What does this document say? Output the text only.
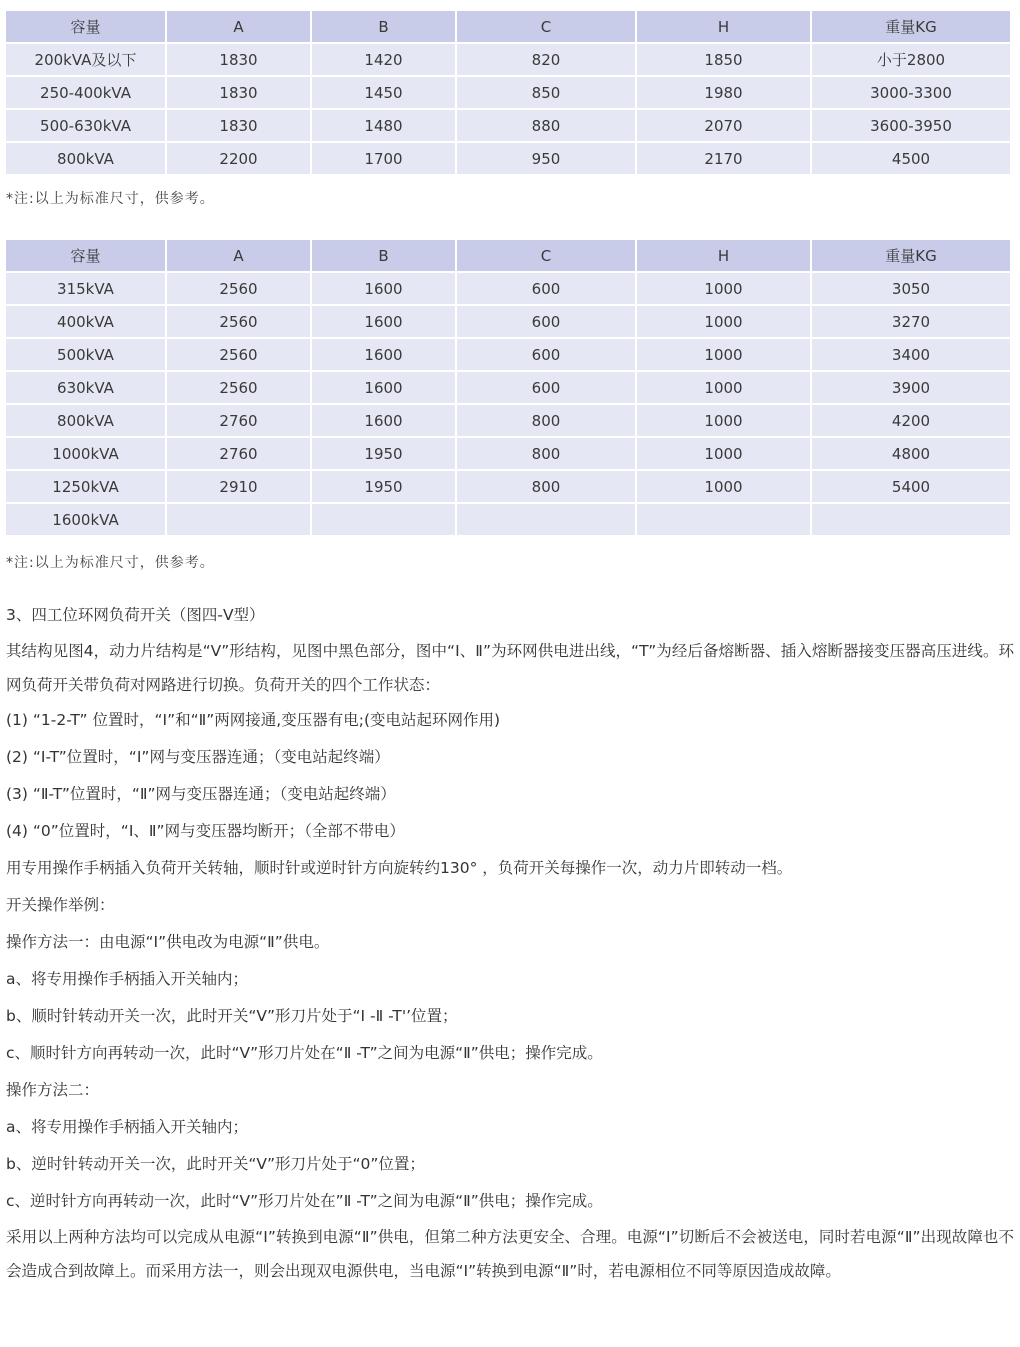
容量	A	B	C	H	重量KG
200kVA及以下	1830	1420	820	1850	小于2800
250-400kVA	1830	1450	850	1980	3000-3300
500-630kVA	1830	1480	880	2070	3600-3950
800kVA	2200	1700	950	2170	4500
*注:以上为标准尺寸，供参考。
容量	A	B	C	H	重量KG
315kVA	2560	1600	600	1000	3050
400kVA	2560	1600	600	1000	3270
500kVA	2560	1600	600	1000	3400
630kVA	2560	1600	600	1000	3900
800kVA	2760	1600	800	1000	4200
1000kVA	2760	1950	800	1000	4800
1250kVA	2910	1950	800	1000	5400
1600kVA					
*注:以上为标准尺寸，供参考。
3、四工位环网负荷开关（图四-V型）
其结构见图4，动力片结构是“V”形结构，见图中黑色部分，图中“Ⅰ、Ⅱ”为环网供电进出线，“T”为经后备熔断器、插入熔断器接变压器高压进线。环网负荷开关带负荷对网路进行切换。负荷开关的四个工作状态：
(1) “1-2-T” 位置时，“Ⅰ”和“Ⅱ”两网接通,变压器有电;(变电站起环网作用)
(2) “Ⅰ-T”位置时，“Ⅰ”网与变压器连通；（变电站起终端）
(3) “Ⅱ-T”位置时，“Ⅱ”网与变压器连通；（变电站起终端）
(4) “0”位置时，“Ⅰ、Ⅱ”网与变压器均断开；（全部不带电）
用专用操作手柄插入负荷开关转轴，顺时针或逆时针方向旋转约130° ，负荷开关每操作一次，动力片即转动一档。
开关操作举例：
操作方法一：由电源“Ⅰ”供电改为电源“Ⅱ”供电。
a、将专用操作手柄插入开关轴内；
b、顺时针转动开关一次，此时开关“V”形刀片处于“Ⅰ -Ⅱ -T'’位置；
c、顺时针方向再转动一次，此时“V”形刀片处在“Ⅱ -T”之间为电源“Ⅱ”供电；操作完成。
操作方法二：
a、将专用操作手柄插入开关轴内；
b、逆时针转动开关一次，此时开关“V”形刀片处于“0”位置；
c、逆时针方向再转动一次，此时“V”形刀片处在”Ⅱ -T”之间为电源“Ⅱ”供电；操作完成。
采用以上两种方法均可以完成从电源“Ⅰ”转换到电源“Ⅱ”供电，但第二种方法更安全、合理。电源“Ⅰ”切断后不会被送电，同时若电源“Ⅱ”出现故障也不会造成合到故障上。而采用方法一，则会出现双电源供电，当电源“Ⅰ”转换到电源“Ⅱ”时，若电源相位不同等原因造成故障。
